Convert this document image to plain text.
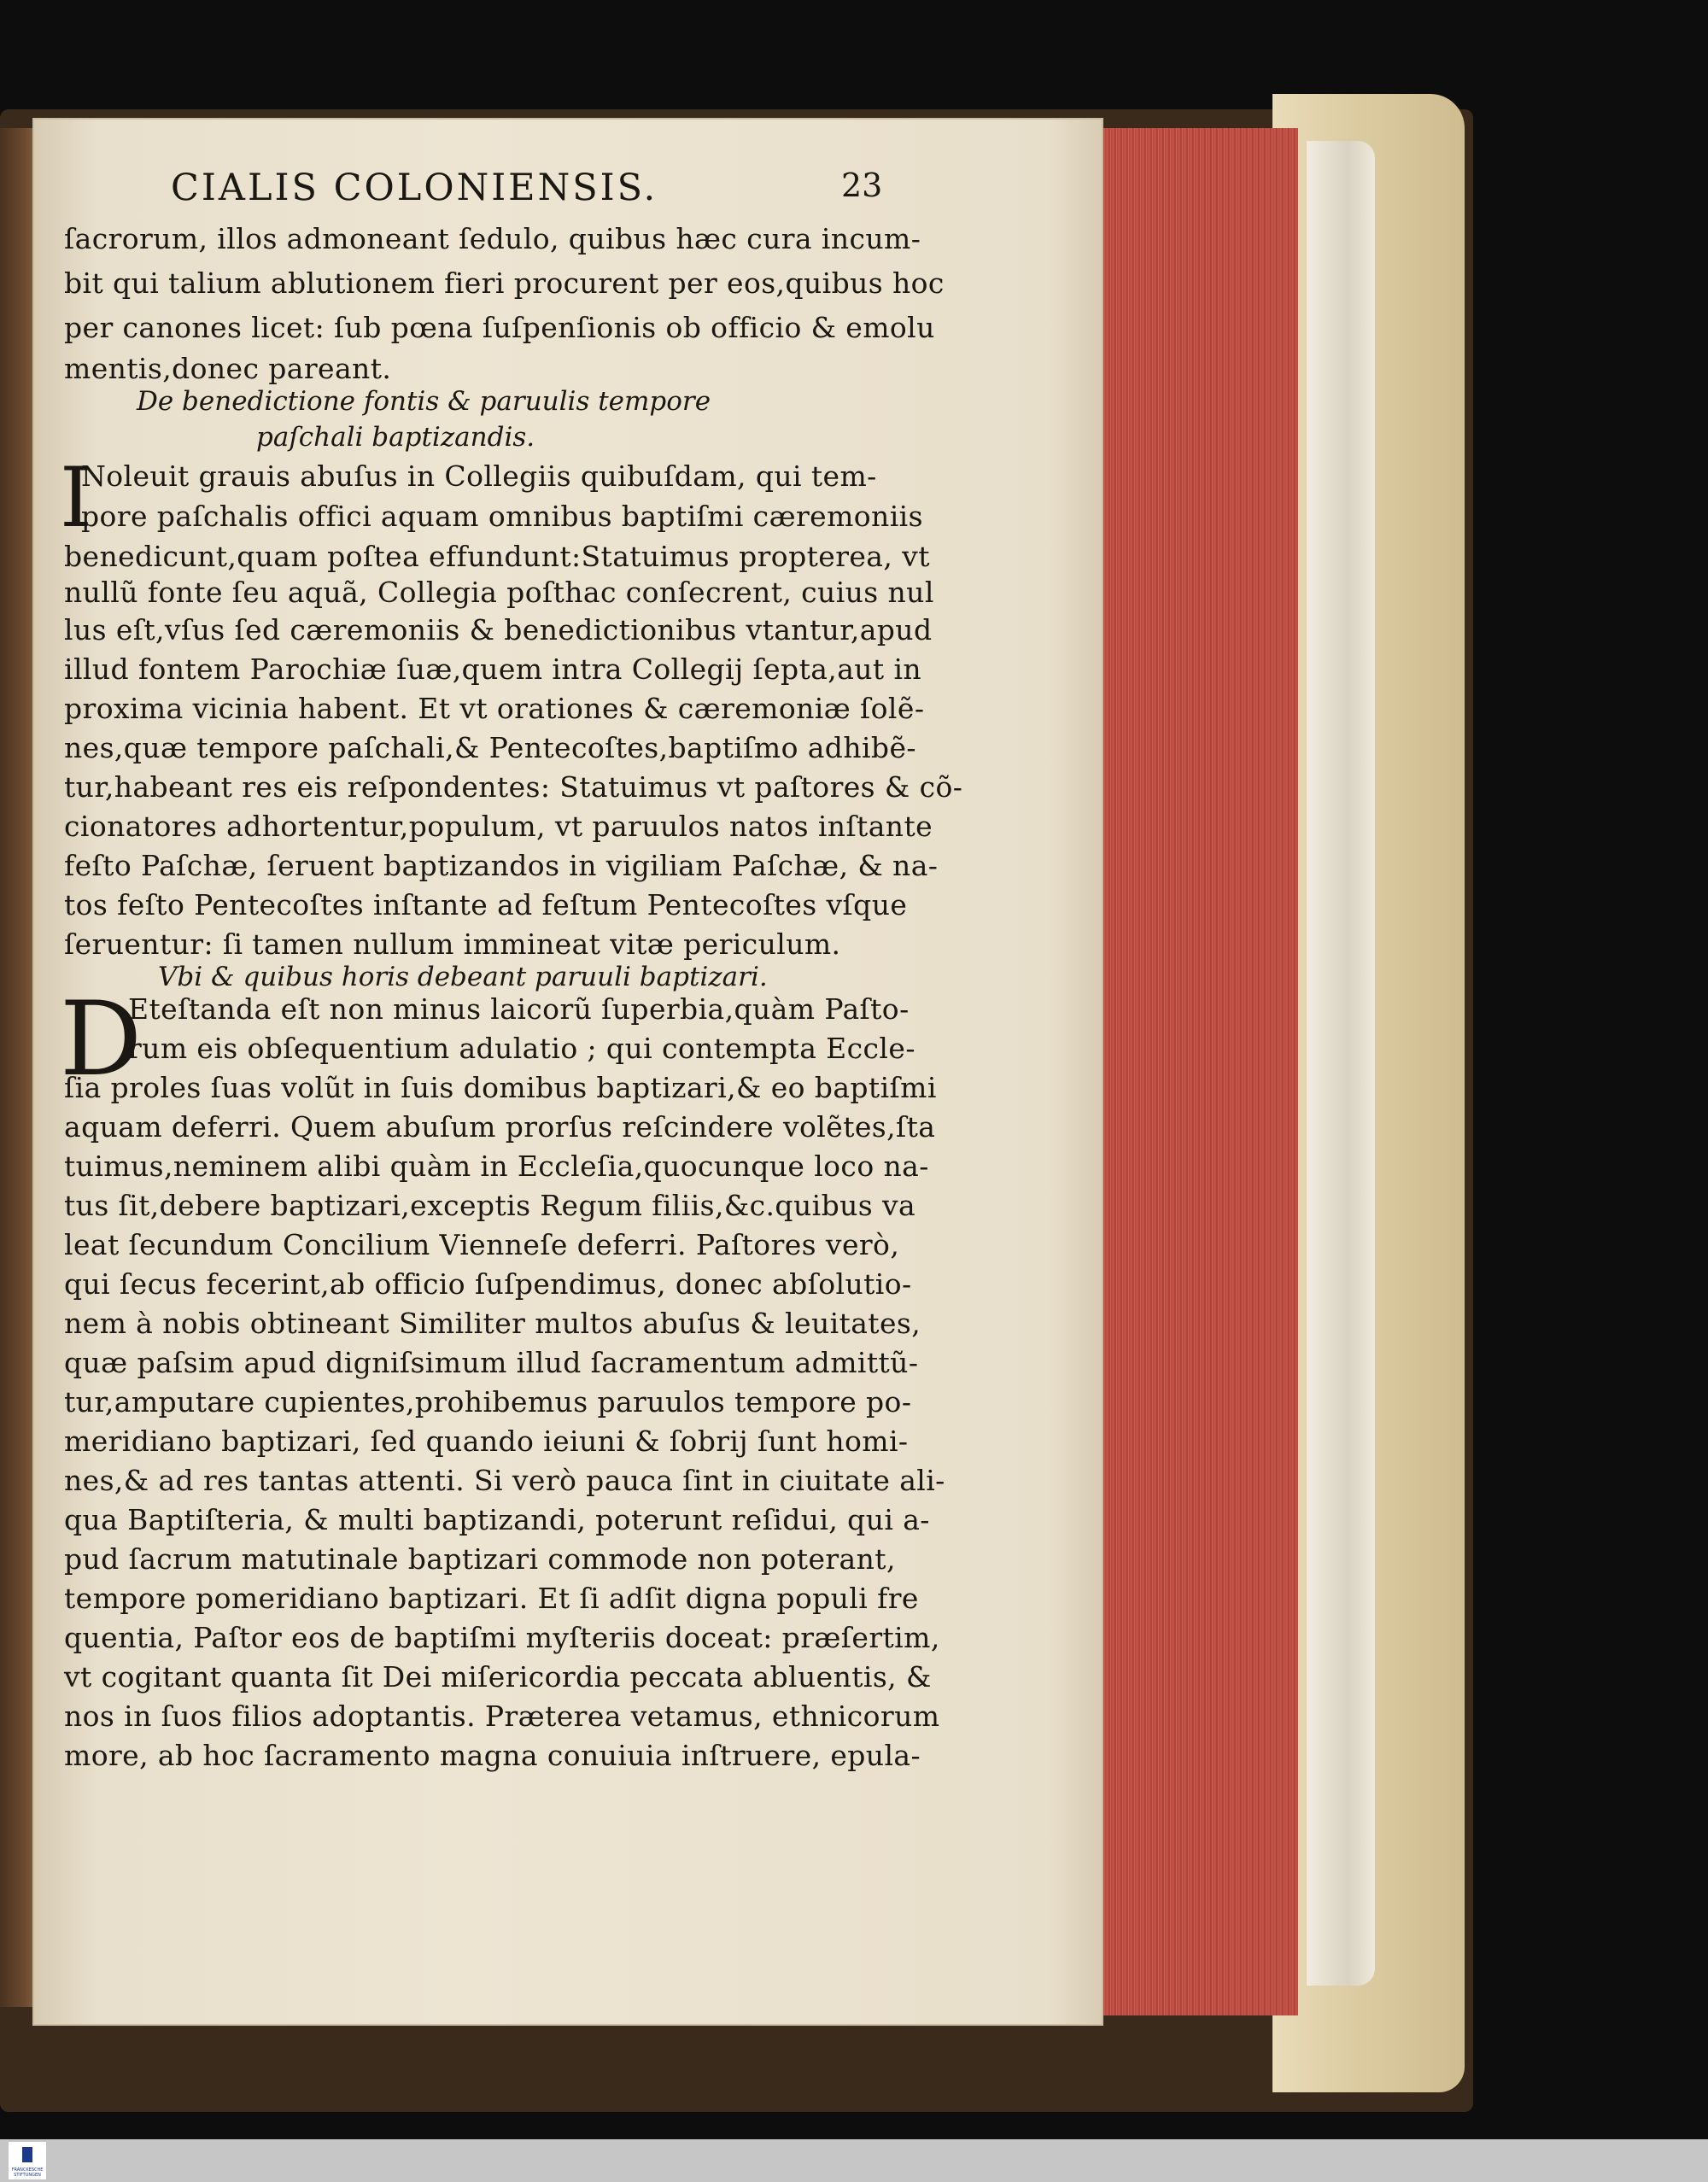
CIALIS COLONIENSIS.	23
ſacrorum, illos admoneant ſedulo, quibus hæc cura incum-
bit qui talium ablutionem fieri procurent per eos,quibus hoc
per canones licet: ſub pœna ſuſpenſionis ob officio & emolu
mentis,donec pareant.
De benedictione fontis & paruulis tempore
paſchali baptizandis.
I
Noleuit grauis abuſus in Collegiis quibuſdam, qui tem-
pore paſchalis offici aquam omnibus baptiſmi cæremoniis
benedicunt,quam poſtea effundunt:Statuimus propterea, vt
nullũ fonte ſeu aquã, Collegia poſthac conſecrent, cuius nul
lus eſt,vſus ſed cæremoniis & benedictionibus vtantur,apud
illud fontem Parochiæ ſuæ,quem intra Collegij ſepta,aut in
proxima vicinia habent. Et vt orationes & cæremoniæ ſolẽ-
nes,quæ tempore paſchali,& Pentecoſtes,baptiſmo adhibẽ-
tur,habeant res eis reſpondentes: Statuimus vt paſtores & cõ-
cionatores adhortentur,populum, vt paruulos natos inſtante
feſto Paſchæ, ſeruent baptizandos in vigiliam Paſchæ, & na-
tos feſto Pentecoſtes inſtante ad feſtum Pentecoſtes vſque
ſeruentur: ſi tamen nullum immineat vitæ periculum.
Vbi & quibus horis debeant paruuli baptizari.
D
Eteſtanda eſt non minus laicorũ ſuperbia,quàm Paſto-
rum eis obſequentium adulatio ; qui contempta Eccle-
ſia proles ſuas volũt in ſuis domibus baptizari,& eo baptiſmi
aquam deferri. Quem abuſum prorſus reſcindere volẽtes,ſta
tuimus,neminem alibi quàm in Eccleſia,quocunque loco na-
tus ſit,debere baptizari,exceptis Regum filiis,&c.quibus va
leat ſecundum Concilium Vienneſe deferri. Paſtores verò,
qui ſecus fecerint,ab officio ſuſpendimus, donec abſolutio-
nem à nobis obtineant Similiter multos abuſus & leuitates,
quæ paſsim apud digniſsimum illud ſacramentum admittũ-
tur,amputare cupientes,prohibemus paruulos tempore po-
meridiano baptizari, ſed quando ieiuni & ſobrij ſunt homi-
nes,& ad res tantas attenti. Si verò pauca ſint in ciuitate ali-
qua Baptiſteria, & multi baptizandi, poterunt reſidui, qui a-
pud ſacrum matutinale baptizari commode non poterant,
tempore pomeridiano baptizari. Et ſi adſit digna populi fre
quentia, Paſtor eos de baptiſmi myſteriis doceat: præſertim,
vt cogitant quanta ſit Dei miſericordia peccata abluentis, &
nos in ſuos filios adoptantis. Præterea vetamus, ethnicorum
more, ab hoc ſacramento magna conuiuia inſtruere, epula-
FRANCKESCHE STIFTUNGEN
